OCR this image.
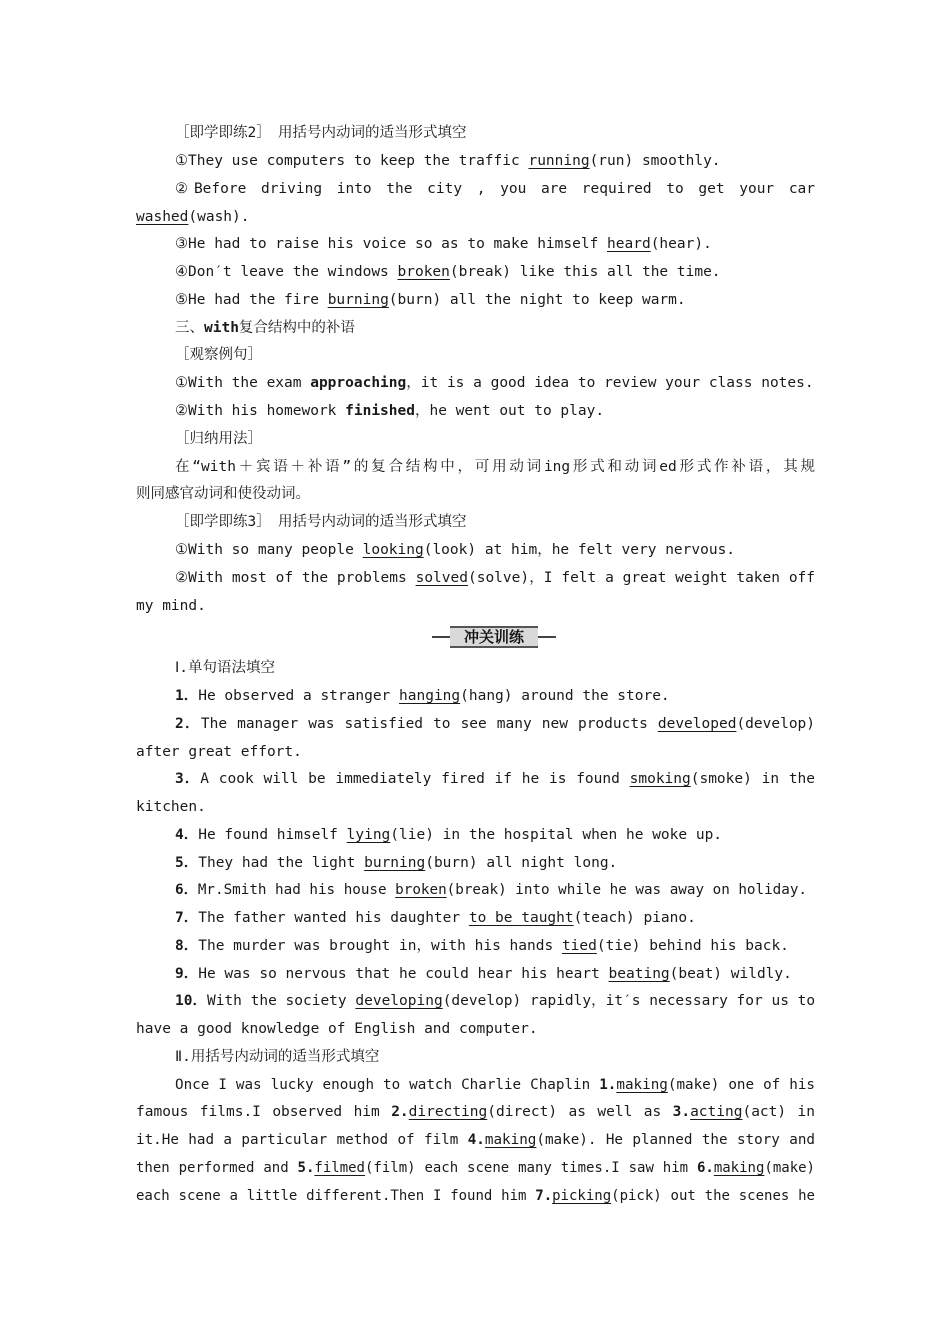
［即学即练2］　用括号内动词的适当形式填空
①They use computers to keep the traffic running(run) smoothly.
②Before driving into the city , you are required to get your car
washed(wash).
③He had to raise his voice so as to make himself heard(hear).
④Don′t leave the windows broken(break) like this all the time.
⑤He had the fire burning(burn) all the night to keep warm.
三、with复合结构中的补语
［观察例句］
①With the exam approaching，it is a good idea to review your class notes.
②With his homework finished，he went out to play.
［归纳用法］
在“with＋宾语＋补语”的复合结构中，可用动词ing形式和动词ed形式作补语，其规
则同感官动词和使役动词。
［即学即练3］　用括号内动词的适当形式填空
①With so many people looking(look) at him，he felt very nervous.
②With most of the problems solved(solve)，I felt a great weight taken off
my mind.
冲关训练
Ⅰ.单句语法填空
1．He observed a stranger hanging(hang) around the store.
2．The manager was satisfied to see many new products developed(develop)
after great effort.
3．A cook will be immediately fired if he is found smoking(smoke) in the
kitchen.
4．He found himself lying(lie) in the hospital when he woke up.
5．They had the light burning(burn) all night long.
6．Mr.Smith had his house broken(break) into while he was away on holiday.
7．The father wanted his daughter to be taught(teach) piano.
8．The murder was brought in，with his hands tied(tie) behind his back.
9．He was so nervous that he could hear his heart beating(beat) wildly.
10．With the society developing(develop) rapidly，it′s necessary for us to
have a good knowledge of English and computer.
Ⅱ.用括号内动词的适当形式填空
Once I was lucky enough to watch Charlie Chaplin 1.making(make) one of his
famous films.I observed him 2.directing(direct) as well as 3.acting(act) in
it.He had a particular method of film 4.making(make). He planned the story and
then performed and 5.filmed(film) each scene many times.I saw him 6.making(make)
each scene a little different.Then I found him 7.picking(pick) out the scenes he
